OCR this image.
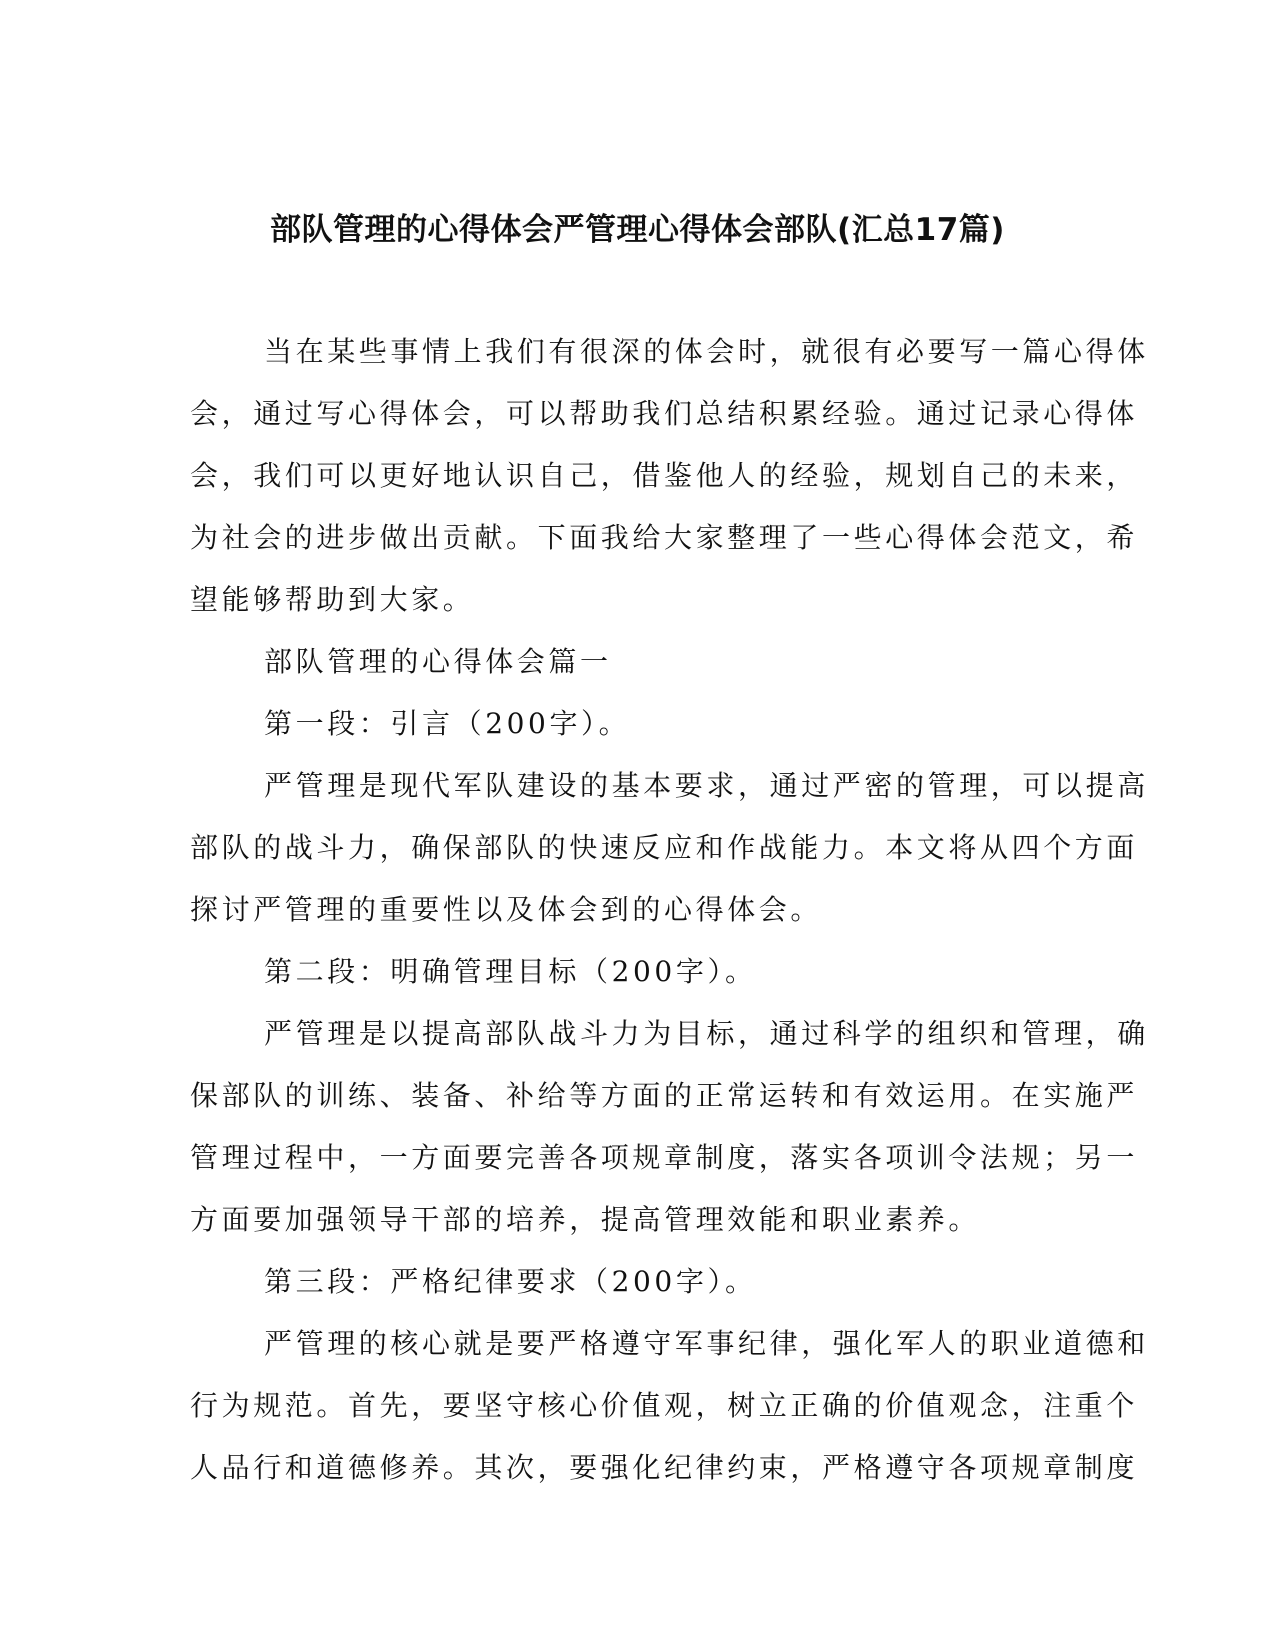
部队管理的心得体会严管理心得体会部队(汇总17篇)
当在某些事情上我们有很深的体会时，就很有必要写一篇心得体
会，通过写心得体会，可以帮助我们总结积累经验。通过记录心得体
会，我们可以更好地认识自己，借鉴他人的经验，规划自己的未来，
为社会的进步做出贡献。下面我给大家整理了一些心得体会范文，希
望能够帮助到大家。
部队管理的心得体会篇一
第一段：引言（200字）。
严管理是现代军队建设的基本要求，通过严密的管理，可以提高
部队的战斗力，确保部队的快速反应和作战能力。本文将从四个方面
探讨严管理的重要性以及体会到的心得体会。
第二段：明确管理目标（200字）。
严管理是以提高部队战斗力为目标，通过科学的组织和管理，确
保部队的训练、装备、补给等方面的正常运转和有效运用。在实施严
管理过程中，一方面要完善各项规章制度，落实各项训令法规；另一
方面要加强领导干部的培养，提高管理效能和职业素养。
第三段：严格纪律要求（200字）。
严管理的核心就是要严格遵守军事纪律，强化军人的职业道德和
行为规范。首先，要坚守核心价值观，树立正确的价值观念，注重个
人品行和道德修养。其次，要强化纪律约束，严格遵守各项规章制度
